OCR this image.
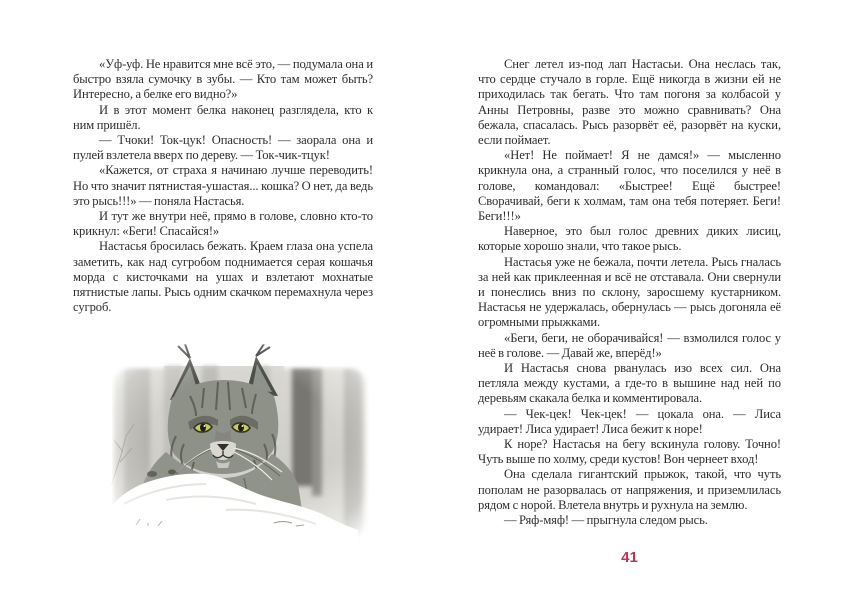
«Уф-уф. Не нравится мне всё это, — подумала она и быстро взяла сумочку в зубы. — Кто там может быть? Интересно, а белке его видно?»

И в этот момент белка наконец разглядела, кто к ним пришёл.

— Тчоки! Ток-цук! Опасность! — заорала она и пулей взлетела вверх по дереву. — Ток-чик-тцук!

«Кажется, от страха я начинаю лучше переводить! Но что значит пятнистая-ушастая... кошка? О нет, да ведь это рысь!!!» — поняла Настасья.

И тут же внутри неё, прямо в голове, словно кто-то крикнул: «Беги! Спасайся!»

Настасья бросилась бежать. Краем глаза она успела заметить, как над сугробом поднимается серая кошачья морда с кисточками на ушах и взлетают мохнатые пятнистые лапы. Рысь одним скачком перемахнула через сугроб.

Снег летел из-под лап Настасьи. Она неслась так, что сердце стучало в горле. Ещё никогда в жизни ей не приходилась так бегать. Что там погоня за колбасой у Анны Петровны, разве это можно сравнивать? Она бежала, спасалась. Рысь разорвёт её, разорвёт на куски, если поймает.

«Нет! Не поймает! Я не дамся!» — мысленно крикнула она, а странный голос, что поселился у неё в голове, командовал: «Быстрее! Ещё быстрее! Сворачивай, беги к холмам, там она тебя потеряет. Беги! Беги!!!»

Наверное, это был голос древних диких лисиц, которые хорошо знали, что такое рысь.

Настасья уже не бежала, почти летела. Рысь гналась за ней как приклеенная и всё не отставала. Они свернули и понеслись вниз по склону, заросшему кустарником. Настасья не удержалась, обернулась — рысь догоняла её огромными прыжками.

«Беги, беги, не оборачивайся! — взмолился голос у неё в голове. — Давай же, вперёд!»

И Настасья снова рванулась изо всех сил. Она петляла между кустами, а где-то в вышине над ней по деревьям скакала белка и комментировала.

— Чек-цек! Чек-цек! — цокала она. — Лиса удирает! Лиса удирает! Лиса бежит к норе!

К норе? Настасья на бегу вскинула голову. Точно! Чуть выше по холму, среди кустов! Вон чернеет вход!

Она сделала гигантский прыжок, такой, что чуть пополам не разорвалась от напряжения, и приземлилась рядом с норой. Влетела внутрь и рухнула на землю.

— Ряф-мяф! — прыгнула следом рысь.

41
